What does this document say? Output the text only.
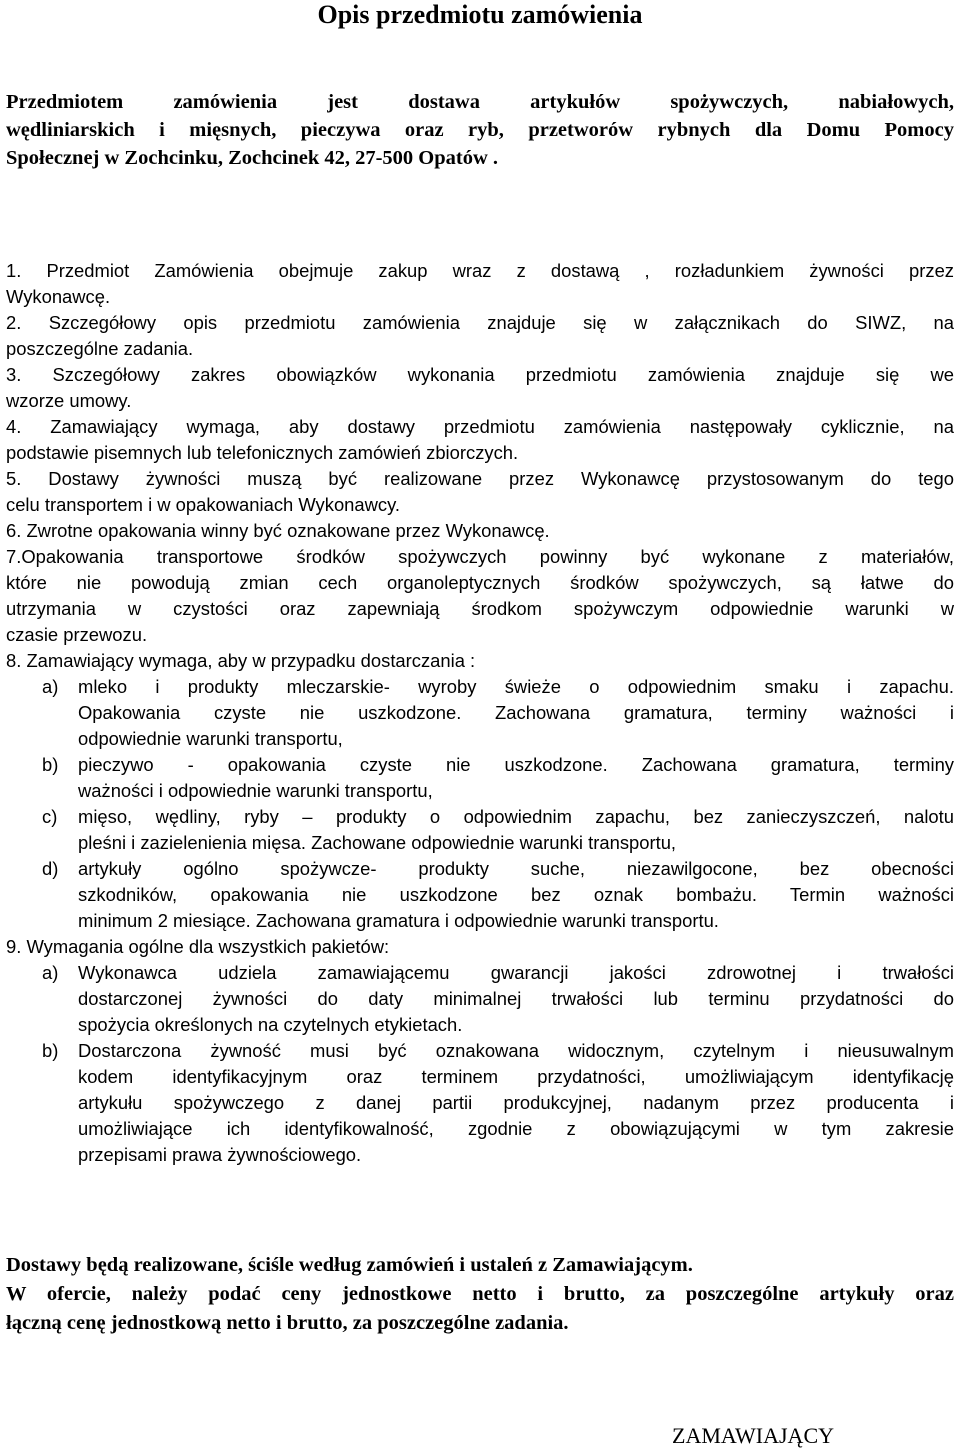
Opis przedmiotu zamówienia
Przedmiotem zamówienia jest dostawa artykułów spożywczych, nabiałowych,
wędliniarskich i mięsnych, pieczywa oraz ryb, przetworów rybnych dla Domu Pomocy
Społecznej w Zochcinku, Zochcinek 42, 27-500 Opatów .
1. Przedmiot Zamówienia obejmuje zakup wraz z dostawą , rozładunkiem żywności przez
Wykonawcę.
2. Szczegółowy opis przedmiotu zamówienia znajduje się w załącznikach do SIWZ, na
poszczególne zadania.
3. Szczegółowy zakres obowiązków wykonania przedmiotu zamówienia znajduje się we
wzorze umowy.
4. Zamawiający wymaga, aby dostawy przedmiotu zamówienia następowały cyklicznie, na
podstawie pisemnych lub telefonicznych zamówień zbiorczych.
5. Dostawy żywności muszą być realizowane przez Wykonawcę przystosowanym do tego
celu transportem i w opakowaniach Wykonawcy.
6. Zwrotne opakowania winny być oznakowane przez Wykonawcę.
7.Opakowania transportowe środków spożywczych powinny być wykonane z materiałów,
które nie powodują zmian cech organoleptycznych środków spożywczych, są łatwe do
utrzymania w czystości oraz zapewniają środkom spożywczym odpowiednie warunki w
czasie przewozu.
8. Zamawiający wymaga, aby w przypadku dostarczania :
a)	mleko i produkty mleczarskie- wyroby świeże o odpowiednim smaku i zapachu.
Opakowania czyste nie uszkodzone. Zachowana gramatura, terminy ważności i
odpowiednie warunki transportu,
b)	pieczywo - opakowania czyste nie uszkodzone. Zachowana gramatura, terminy
ważności i odpowiednie warunki transportu,
c)	mięso, wędliny, ryby – produkty o odpowiednim zapachu, bez zanieczyszczeń, nalotu
pleśni i zazielenienia mięsa. Zachowane odpowiednie warunki transportu,
d)	artykuły ogólno spożywcze- produkty suche, niezawilgocone, bez obecności
szkodników, opakowania nie uszkodzone bez oznak bombażu. Termin ważności
minimum 2 miesiące. Zachowana gramatura i odpowiednie warunki transportu.
9. Wymagania ogólne dla wszystkich pakietów:
a)	Wykonawca udziela zamawiającemu gwarancji jakości zdrowotnej i trwałości
dostarczonej żywności do daty minimalnej trwałości lub terminu przydatności do
spożycia określonych na czytelnych etykietach.
b)	Dostarczona żywność musi być oznakowana widocznym, czytelnym i nieusuwalnym
kodem identyfikacyjnym oraz terminem przydatności, umożliwiającym identyfikację
artykułu spożywczego z danej partii produkcyjnej, nadanym przez producenta i
umożliwiające ich identyfikowalność, zgodnie z obowiązującymi w tym zakresie
przepisami prawa żywnościowego.
Dostawy będą realizowane, ściśle według zamówień i ustaleń z Zamawiającym.
W ofercie, należy podać ceny jednostkowe netto i brutto, za poszczególne artykuły oraz
łączną cenę jednostkową netto i brutto, za poszczególne zadania.
ZAMAWIAJĄCY
